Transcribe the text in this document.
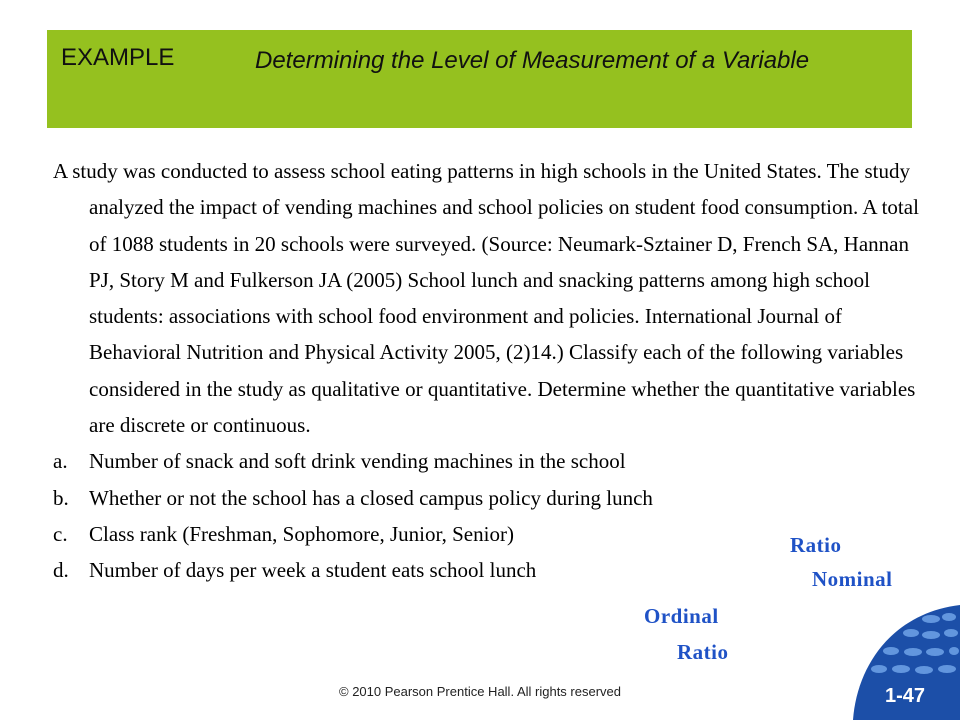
EXAMPLE	Determining the Level of Measurement of a Variable

A study was conducted to assess school eating patterns in high schools in the United States. The study analyzed the impact of vending machines and school policies on student food consumption. A total of 1088 students in 20 schools were surveyed. (Source: Neumark-Sztainer D, French SA, Hannan PJ, Story M and Fulkerson JA (2005) School lunch and snacking patterns among high school students: associations with school food environment and policies. International Journal of Behavioral Nutrition and Physical Activity 2005, (2)14.) Classify each of the following variables considered in the study as qualitative or quantitative. Determine whether the quantitative variables are discrete or continuous.

a. Number of snack and soft drink vending machines in the school
b. Whether or not the school has a closed campus policy during lunch
c. Class rank (Freshman, Sophomore, Junior, Senior)
d. Number of days per week a student eats school lunch
Ratio
Nominal
Ordinal
Ratio
© 2010 Pearson Prentice Hall. All rights reserved	1-47
